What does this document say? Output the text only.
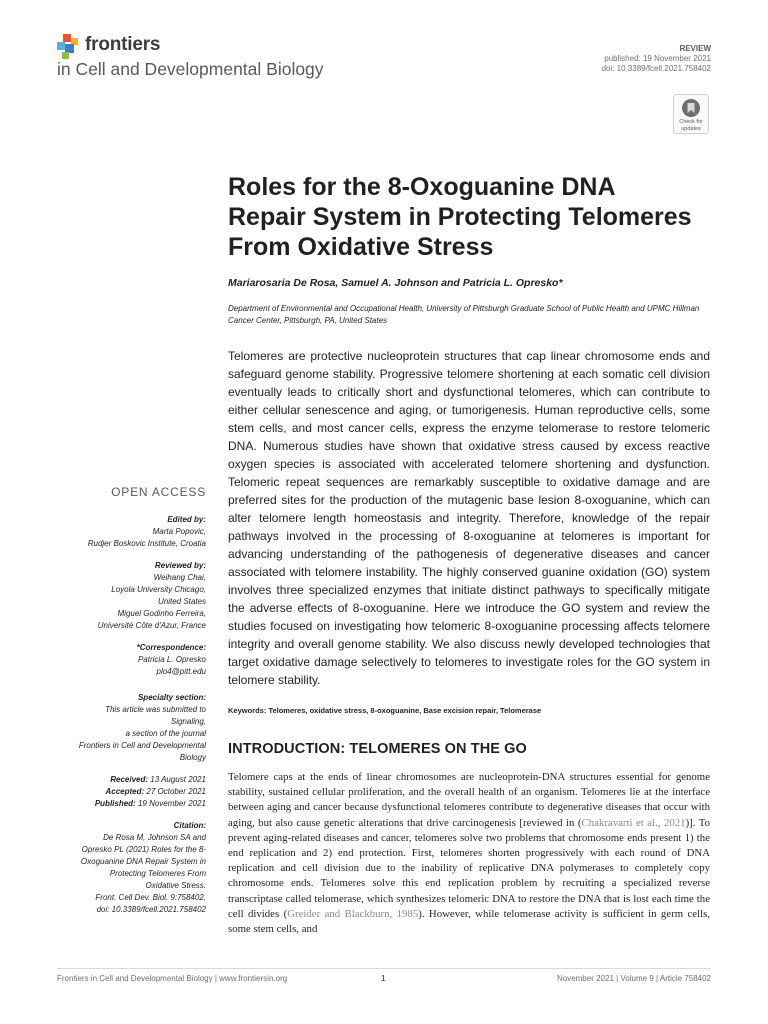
frontiers
in Cell and Developmental Biology
REVIEW
published: 19 November 2021
doi: 10.3389/fcell.2021.758402
Check for
updates
Roles for the 8-Oxoguanine DNA Repair System in Protecting Telomeres From Oxidative Stress
Mariarosaria De Rosa, Samuel A. Johnson and Patricia L. Opresko*
Department of Environmental and Occupational Health, University of Pittsburgh Graduate School of Public Health and UPMC Hillman Cancer Center, Pittsburgh, PA, United States
Telomeres are protective nucleoprotein structures that cap linear chromosome ends and safeguard genome stability. Progressive telomere shortening at each somatic cell division eventually leads to critically short and dysfunctional telomeres, which can contribute to either cellular senescence and aging, or tumorigenesis. Human reproductive cells, some stem cells, and most cancer cells, express the enzyme telomerase to restore telomeric DNA. Numerous studies have shown that oxidative stress caused by excess reactive oxygen species is associated with accelerated telomere shortening and dysfunction. Telomeric repeat sequences are remarkably susceptible to oxidative damage and are preferred sites for the production of the mutagenic base lesion 8-oxoguanine, which can alter telomere length homeostasis and integrity. Therefore, knowledge of the repair pathways involved in the processing of 8-oxoguanine at telomeres is important for advancing understanding of the pathogenesis of degenerative diseases and cancer associated with telomere instability. The highly conserved guanine oxidation (GO) system involves three specialized enzymes that initiate distinct pathways to specifically mitigate the adverse effects of 8-oxoguanine. Here we introduce the GO system and review the studies focused on investigating how telomeric 8-oxoguanine processing affects telomere integrity and overall genome stability. We also discuss newly developed technologies that target oxidative damage selectively to telomeres to investigate roles for the GO system in telomere stability.
Keywords: Telomeres, oxidative stress, 8-oxoguanine, Base excision repair, Telomerase
INTRODUCTION: TELOMERES ON THE GO
Telomere caps at the ends of linear chromosomes are nucleoprotein-DNA structures essential for genome stability, sustained cellular proliferation, and the overall health of an organism. Telomeres lie at the interface between aging and cancer because dysfunctional telomeres contribute to degenerative diseases that occur with aging, but also cause genetic alterations that drive carcinogenesis [reviewed in (Chakravarti et al., 2021)]. To prevent aging-related diseases and cancer, telomeres solve two problems that chromosome ends present 1) the end replication and 2) end protection. First, telomeres shorten progressively with each round of DNA replication and cell division due to the inability of replicative DNA polymerases to completely copy chromosome ends. Telomeres solve this end replication problem by recruiting a specialized reverse transcriptase called telomerase, which synthesizes telomeric DNA to restore the DNA that is lost each time the cell divides (Greider and Blackburn, 1985). However, while telomerase activity is sufficient in germ cells, some stem cells, and
OPEN ACCESS
Edited by:
Marta Popovic,
Rudjer Boskovic Institute, Croatia
Reviewed by:
Weihang Chai,
Loyola University Chicago,
United States
Miguel Godinho Ferreira,
Université Côte d'Azur, France
*Correspondence:
Patricia L. Opresko
plo4@pitt.edu
Specialty section:
This article was submitted to
Signaling,
a section of the journal
Frontiers in Cell and Developmental
Biology
Received: 13 August 2021
Accepted: 27 October 2021
Published: 19 November 2021
Citation:
De Rosa M, Johnson SA and
Opresko PL (2021) Roles for the 8-
Oxoguanine DNA Repair System in
Protecting Telomeres From
Oxidative Stress.
Front. Cell Dev. Biol. 9:758402.
doi: 10.3389/fcell.2021.758402
Frontiers in Cell and Developmental Biology | www.frontiersin.org	1	November 2021 | Volume 9 | Article 758402
